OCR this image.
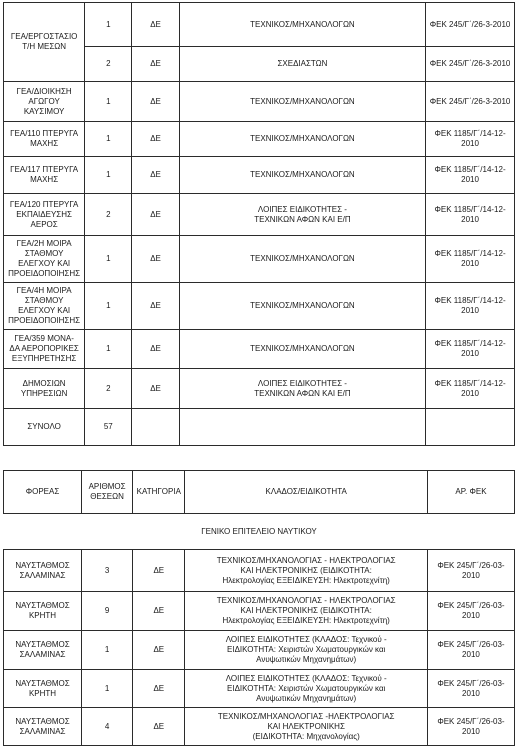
ΓΕΑ/ΕΡΓΟΣΤΑΣΙΟ
Τ/Η ΜΕΣΩΝ	1	ΔΕ	ΤΕΧΝΙΚΟΣ/ΜΗΧΑΝΟΛΟΓΩΝ	ΦΕΚ 245/Γ΄/26-3-2010
	2	ΔΕ	ΣΧΕΔΙΑΣΤΩΝ	ΦΕΚ 245/Γ΄/26-3-2010
ΓΕΑ/ΔΙΟΙΚΗΣΗ
ΑΓΩΓΟΥ
ΚΑΥΣΙΜΟΥ	1	ΔΕ	ΤΕΧΝΙΚΟΣ/ΜΗΧΑΝΟΛΟΓΩΝ	ΦΕΚ 245/Γ΄/26-3-2010
ΓΕΑ/110 ΠΤΕΡΥΓΑ
ΜΑΧΗΣ	1	ΔΕ	ΤΕΧΝΙΚΟΣ/ΜΗΧΑΝΟΛΟΓΩΝ	ΦΕΚ 1185/Γ΄/14-12-2010
ΓΕΑ/117 ΠΤΕΡΥΓΑ
ΜΑΧΗΣ	1	ΔΕ	ΤΕΧΝΙΚΟΣ/ΜΗΧΑΝΟΛΟΓΩΝ	ΦΕΚ 1185/Γ΄/14-12-2010
ΓΕΑ/120 ΠΤΕΡΥΓΑ
ΕΚΠΑΙΔΕΥΣΗΣ
ΑΕΡΟΣ	2	ΔΕ	ΛΟΙΠΕΣ ΕΙΔΙΚΟΤΗΤΕΣ -
ΤΕΧΝΙΚΩΝ ΑΦΩΝ ΚΑΙ Ε/Π	ΦΕΚ 1185/Γ΄/14-12-2010
ΓΕΑ/2Η ΜΟΙΡΑ
ΣΤΑΘΜΟΥ
ΕΛΕΓΧΟΥ ΚΑΙ
ΠΡΟΕΙΔΟΠΟΙΗΣΗΣ	1	ΔΕ	ΤΕΧΝΙΚΟΣ/ΜΗΧΑΝΟΛΟΓΩΝ	ΦΕΚ 1185/Γ΄/14-12-2010
ΓΕΑ/4Η ΜΟΙΡΑ
ΣΤΑΘΜΟΥ
ΕΛΕΓΧΟΥ ΚΑΙ
ΠΡΟΕΙΔΟΠΟΙΗΣΗΣ	1	ΔΕ	ΤΕΧΝΙΚΟΣ/ΜΗΧΑΝΟΛΟΓΩΝ	ΦΕΚ 1185/Γ΄/14-12-2010
ΓΕΑ/359 ΜΟΝΑ-
ΔΑ ΑΕΡΟΠΟΡΙΚΕΣ
ΕΞΥΠΗΡΕΤΗΣΗΣ	1	ΔΕ	ΤΕΧΝΙΚΟΣ/ΜΗΧΑΝΟΛΟΓΩΝ	ΦΕΚ 1185/Γ΄/14-12-2010
ΔΗΜΟΣΙΩΝ
ΥΠΗΡΕΣΙΩΝ	2	ΔΕ	ΛΟΙΠΕΣ ΕΙΔΙΚΟΤΗΤΕΣ -
ΤΕΧΝΙΚΩΝ ΑΦΩΝ ΚΑΙ Ε/Π	ΦΕΚ 1185/Γ΄/14-12-2010
ΣΥΝΟΛΟ	57			
ΦΟΡΕΑΣ	ΑΡΙΘΜΟΣ
ΘΕΣΕΩΝ	ΚΑΤΗΓΟΡΙΑ	ΚΛΑΔΟΣ/ΕΙΔΙΚΟΤΗΤΑ	ΑΡ. ΦΕΚ
ΓΕΝΙΚΟ ΕΠΙΤΕΛΕΙΟ ΝΑΥΤΙΚΟΥ				
ΝΑΥΣΤΑΘΜΟΣ
ΣΑΛΑΜΙΝΑΣ	3	ΔΕ	ΤΕΧΝΙΚΟΣ/ΜΗΧΑΝΟΛΟΓΙΑΣ - ΗΛΕΚΤΡΟΛΟΓΙΑΣ
ΚΑΙ ΗΛΕΚΤΡΟΝΙΚΗΣ (ΕΙΔΙΚΟΤΗΤΑ:
Ηλεκτρολογίας ΕΞΕΙΔΙΚΕΥΣΗ: Ηλεκτροτεχνίτη)	ΦΕΚ 245/Γ΄/26-03-2010
ΝΑΥΣΤΑΘΜΟΣ
ΚΡΗΤΗ	9	ΔΕ	ΤΕΧΝΙΚΟΣ/ΜΗΧΑΝΟΛΟΓΙΑΣ - ΗΛΕΚΤΡΟΛΟΓΙΑΣ
ΚΑΙ ΗΛΕΚΤΡΟΝΙΚΗΣ (ΕΙΔΙΚΟΤΗΤΑ:
Ηλεκτρολογίας ΕΞΕΙΔΙΚΕΥΣΗ: Ηλεκτροτεχνίτη)	ΦΕΚ 245/Γ΄/26-03-2010
ΝΑΥΣΤΑΘΜΟΣ
ΣΑΛΑΜΙΝΑΣ	1	ΔΕ	ΛΟΙΠΕΣ ΕΙΔΙΚΟΤΗΤΕΣ (ΚΛΑΔΟΣ: Τεχνικού -
ΕΙΔΙΚΟΤΗΤΑ: Χειριστών Χωματουργικών και
Ανυψωτικών Μηχανημάτων)	ΦΕΚ 245/Γ΄/26-03-2010
ΝΑΥΣΤΑΘΜΟΣ
ΚΡΗΤΗ	1	ΔΕ	ΛΟΙΠΕΣ ΕΙΔΙΚΟΤΗΤΕΣ (ΚΛΑΔΟΣ: Τεχνικού -
ΕΙΔΙΚΟΤΗΤΑ: Χειριστών Χωματουργικών και
Ανυψωτικών Μηχανημάτων)	ΦΕΚ 245/Γ΄/26-03-2010
ΝΑΥΣΤΑΘΜΟΣ
ΣΑΛΑΜΙΝΑΣ	4	ΔΕ	ΤΕΧΝΙΚΟΣ/ΜΗΧΑΝΟΛΟΓΙΑΣ -ΗΛΕΚΤΡΟΛΟΓΙΑΣ
ΚΑΙ ΗΛΕΚΤΡΟΝΙΚΗΣ
(ΕΙΔΙΚΟΤΗΤΑ: Μηχανολογίας)	ΦΕΚ 245/Γ΄/26-03-2010
